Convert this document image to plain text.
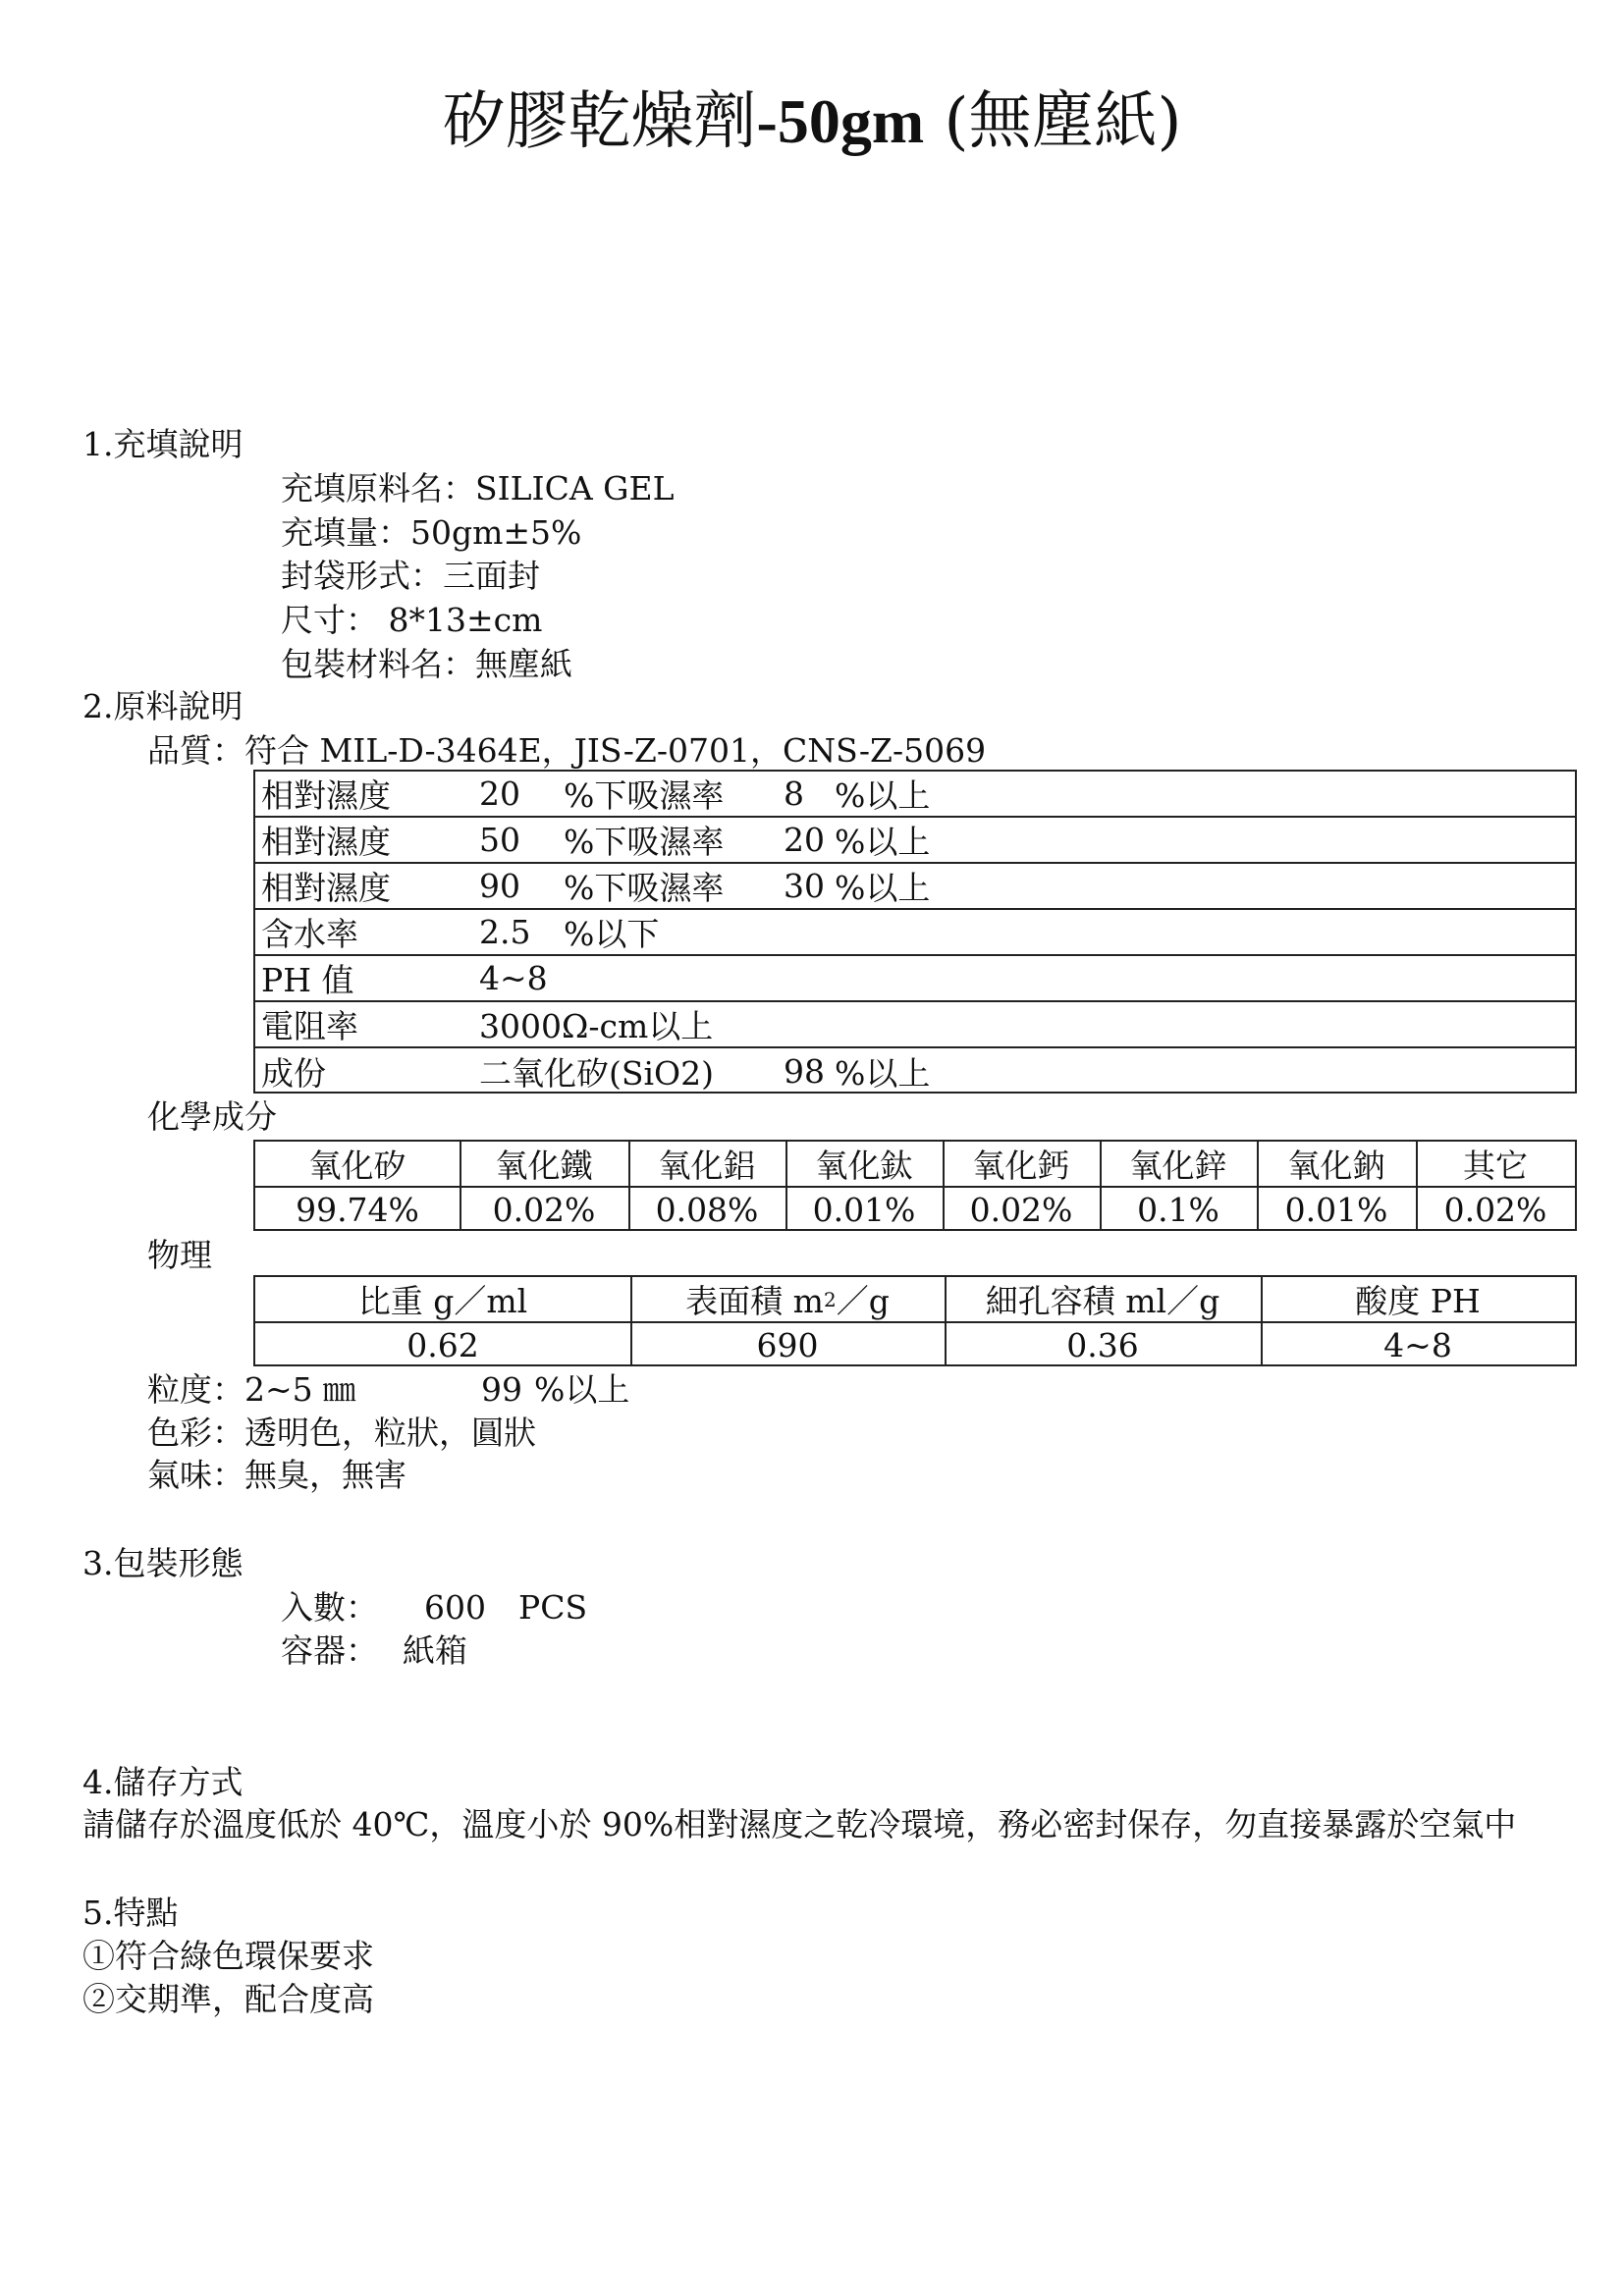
矽膠乾燥劑-50gm (無塵紙)
1.充填說明
充填原料名：SILICA GEL
充填量：50gm±5%
封袋形式：三面封
尺寸： 8*13±cm
包裝材料名：無塵紙
2.原料說明
品質：符合 MIL-D-3464E，JIS-Z-0701，CNS-Z-5069
相對濕度	20 %下吸濕率 8 %以上
相對濕度	50 %下吸濕率 20 %以上
相對濕度	90 %下吸濕率 30 %以上
含水率	2.5 %以下
PH 值	4~8
電阻率	3000Ω-cm以上
成份	二氧化矽(SiO2) 98 %以上
化學成分
氧化矽	氧化鐵	氧化鋁	氧化鈦	氧化鈣	氧化鋅	氧化鈉	其它
99.74%	0.02%	0.08%	0.01%	0.02%	0.1%	0.01%	0.02%
物理
比重 g／ml	表面積 m 2 ／g	細孔容積 ml／g	酸度 PH
0.62	690	0.36	4~8
粒度：2~5 ㎜	99 %以上
色彩：透明色，粒狀，圓狀
氣味：無臭，無害
3.包裝形態
入數： 600 PCS
容器： 紙箱
4.儲存方式
請儲存於溫度低於 40℃，溫度小於 90%相對濕度之乾冷環境，務必密封保存，勿直接暴露於空氣中
5.特點
①符合綠色環保要求
②交期準，配合度高
